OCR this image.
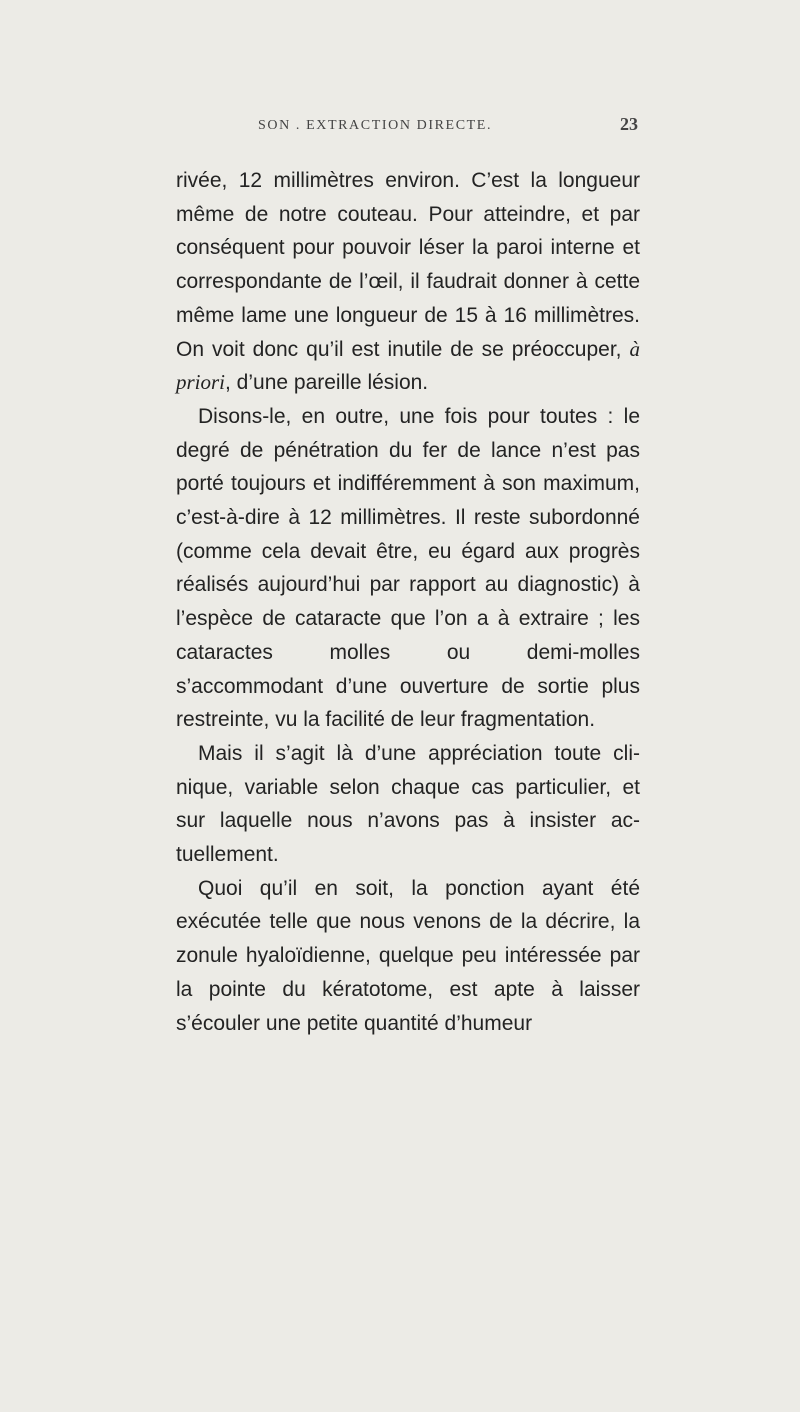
SON . EXTRACTION DIRECTE.	23

rivée, 12 millimètres environ. C’est la longueur même de notre couteau. Pour atteindre, et par conséquent pour pouvoir léser la paroi interne et correspondante de l’œil, il faudrait donner à cette même lame une longueur de 15 à 16 millimètres. On voit donc qu’il est inutile de se préoccuper, à priori, d’une pareille lésion.

Disons-le, en outre, une fois pour toutes : le degré de pénétration du fer de lance n’est pas porté toujours et indifféremment à son maximum, c’est-à-dire à 12 millimètres. Il reste subordonné (comme cela devait être, eu égard aux progrès réalisés aujourd’hui par rapport au diagnostic) à l’espèce de cataracte que l’on a à extraire ; les cataractes molles ou demi-molles s’accommodant d’une ouverture de sortie plus restreinte, vu la facilité de leur fragmentation.

Mais il s’agit là d’une appréciation toute clinique, variable selon chaque cas particulier, et sur laquelle nous n’avons pas à insister actuellement.

Quoi qu’il en soit, la ponction ayant été exécutée telle que nous venons de la décrire, la zonule hyaloïdienne, quelque peu intéressée par la pointe du kératotome, est apte à laisser s’écouler une petite quantité d’humeur
